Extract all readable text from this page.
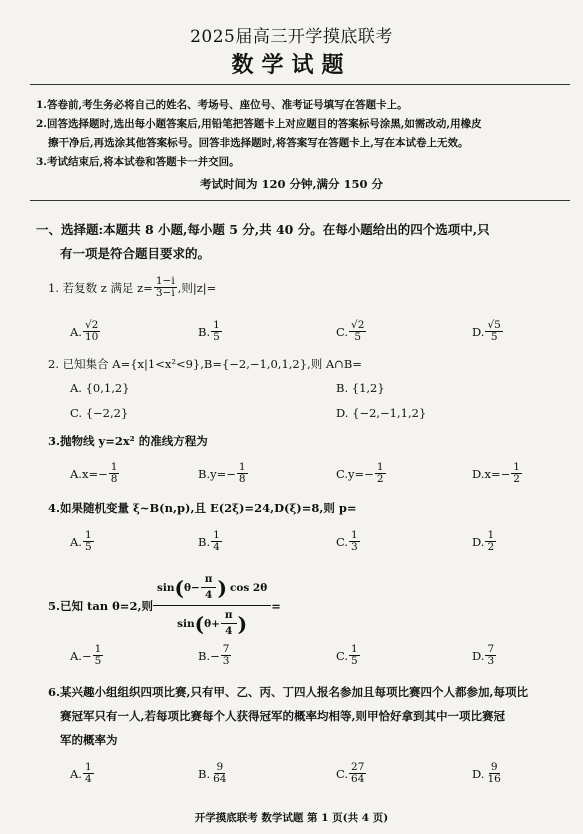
2025届高三开学摸底联考
数学试题
1.答卷前,考生务必将自己的姓名、考场号、座位号、准考证号填写在答题卡上。
2.回答选择题时,选出每小题答案后,用铅笔把答题卡上对应题目的答案标号涂黑,如需改动,用橡皮
擦干净后,再选涂其他答案标号。回答非选择题时,将答案写在答题卡上,写在本试卷上无效。
3.考试结束后,将本试卷和答题卡一并交回。
考试时间为 120 分钟,满分 150 分
一、选择题:本题共 8 小题,每小题 5 分,共 40 分。在每小题给出的四个选项中,只
有一项是符合题目要求的。
1. 若复数 z 满足 $z= \frac{1-i}{3-i}$ ,则|z|=
A. $\frac{√2}{10}$	B. $\frac{1}{5}$	C. $\frac{√2}{5}$	D. $\frac{√5}{5}$
2. 已知集合 A={x|1<x²<9},B={−2,−1,0,1,2},则 A∩B=
A. {0,1,2}	B. {1,2}
C. {−2,2}	D. {−2,−1,1,2}
3.抛物线 y=2x² 的准线方程为
$A.x=- \frac{1}{8}$	$B.y=- \frac{1}{8}$	$C.y=- \frac{1}{2}$	$D.x=- \frac{1}{2}$
4.如果随机变量 ξ~B(n,p),且 E(2ξ)=24,D(ξ)=8,则 p=
A. $\frac{1}{5}$	B. $\frac{1}{4}$	C. $\frac{1}{3}$	D. $\frac{1}{2}$
5.已知 tan θ=2,则 $\frac{\sin ( \theta- \frac{\pi}{4} ) \cos 2\theta}{\sin ( \theta+ \frac{\pi}{4} )}$ =
$A.- \frac{1}{5}$	$B.- \frac{7}{3}$	C. $\frac{1}{5}$	D. $\frac{7}{3}$
6.某兴趣小组组织四项比赛,只有甲、乙、丙、丁四人报名参加且每项比赛四个人都参加,每项比
赛冠军只有一人,若每项比赛每个人获得冠军的概率均相等,则甲恰好拿到其中一项比赛冠
军的概率为
A. $\frac{1}{4}$	B. $\frac{9}{64}$	C. $\frac{27}{64}$	D. $\frac{9}{16}$
开学摸底联考 数学试题 第 1 页(共 4 页)
